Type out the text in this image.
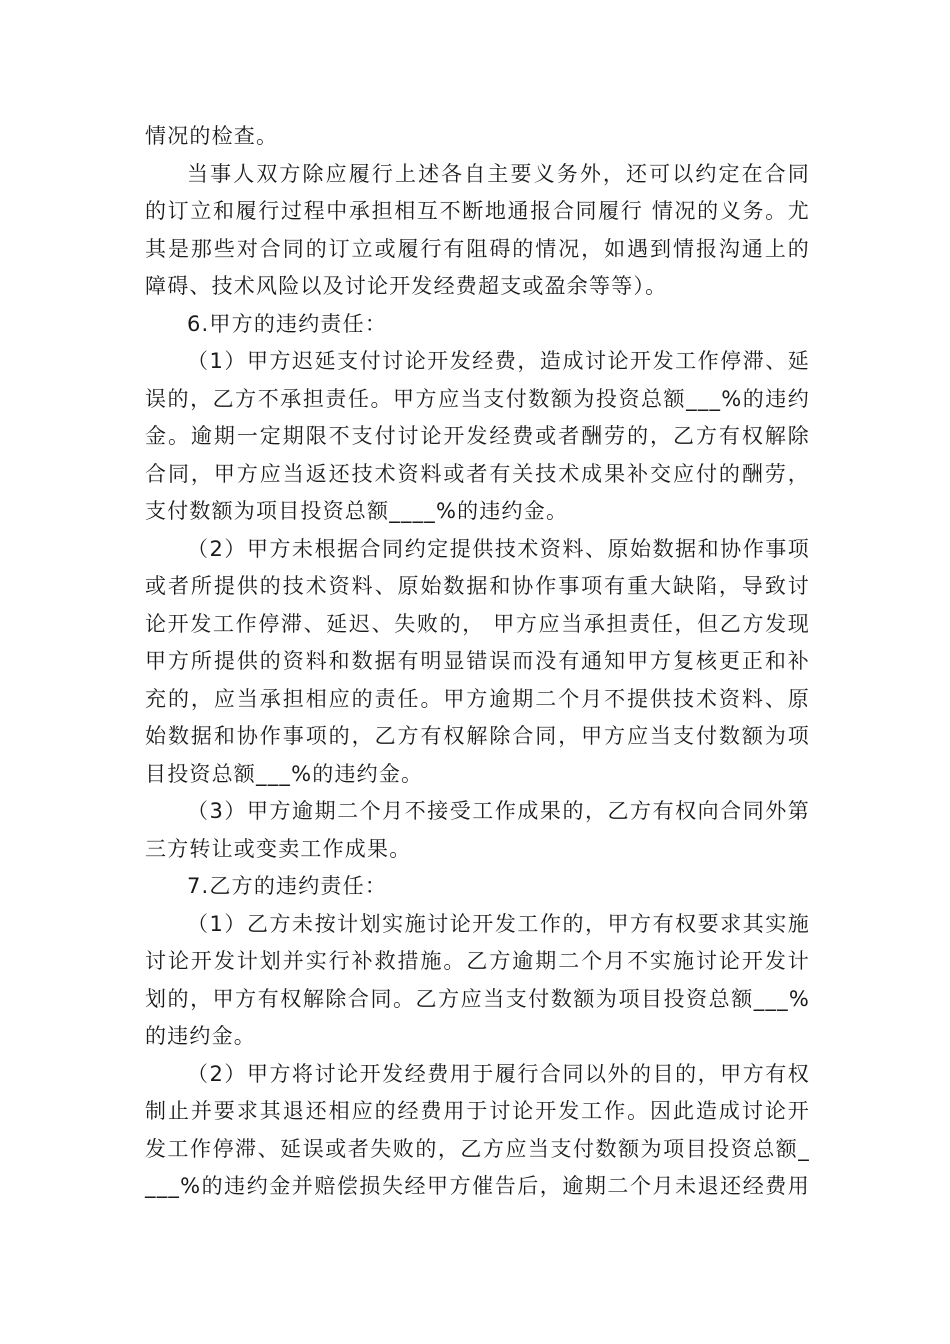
情况的检查。

当事人双方除应履行上述各自主要义务外，还可以约定在合同
的订立和履行过程中承担相互不断地通报合同履行 情况的义务。尤
其是那些对合同的订立或履行有阻碍的情况，如遇到情报沟通上的
障碍、技术风险以及讨论开发经费超支或盈余等等）。

6.甲方的违约责任：

（1）甲方迟延支付讨论开发经费，造成讨论开发工作停滞、延
误的，乙方不承担责任。甲方应当支付数额为投资总额___%的违约
金。逾期一定期限不支付讨论开发经费或者酬劳的，乙方有权解除
合同，甲方应当返还技术资料或者有关技术成果补交应付的酬劳，
支付数额为项目投资总额____%的违约金。

（2）甲方未根据合同约定提供技术资料、原始数据和协作事项
或者所提供的技术资料、原始数据和协作事项有重大缺陷，导致讨
论开发工作停滞、延迟、失败的， 甲方应当承担责任，但乙方发现
甲方所提供的资料和数据有明显错误而没有通知甲方复核更正和补
充的，应当承担相应的责任。甲方逾期二个月不提供技术资料、原
始数据和协作事项的，乙方有权解除合同，甲方应当支付数额为项
目投资总额___%的违约金。

（3）甲方逾期二个月不接受工作成果的，乙方有权向合同外第
三方转让或变卖工作成果。

7.乙方的违约责任：

（1）乙方未按计划实施讨论开发工作的，甲方有权要求其实施
讨论开发计划并实行补救措施。乙方逾期二个月不实施讨论开发计
划的，甲方有权解除合同。乙方应当支付数额为项目投资总额___%
的违约金。

（2）甲方将讨论开发经费用于履行合同以外的目的，甲方有权
制止并要求其退还相应的经费用于讨论开发工作。因此造成讨论开
发工作停滞、延误或者失败的，乙方应当支付数额为项目投资总额_
___%的违约金并赔偿损失经甲方催告后，逾期二个月未退还经费用
